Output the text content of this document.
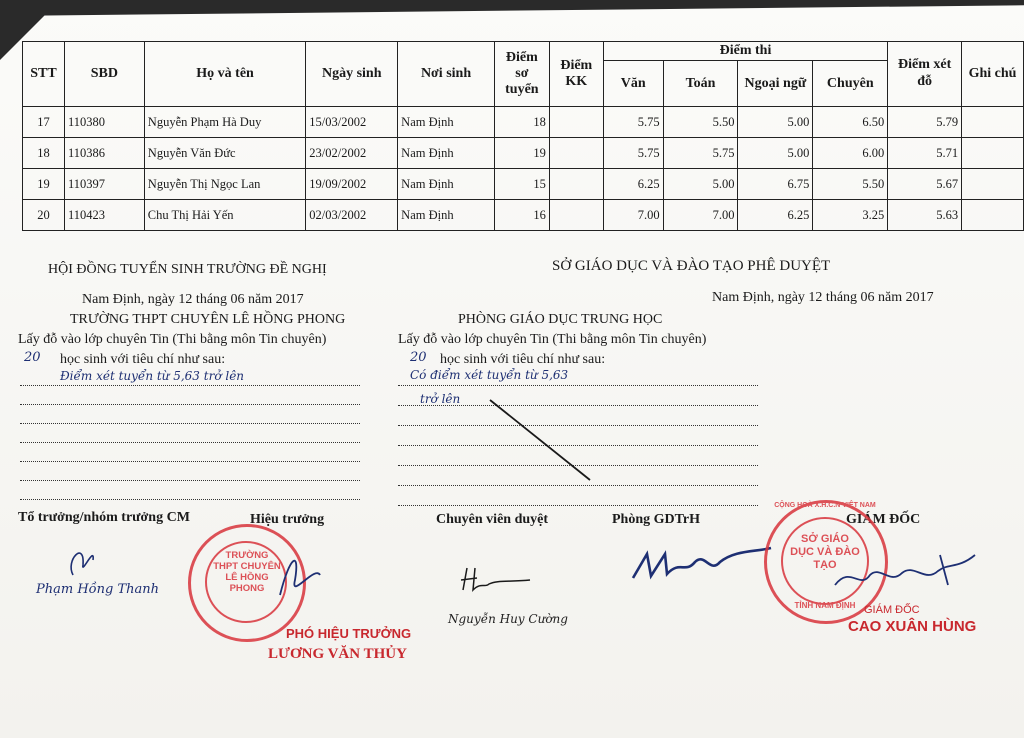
STT	SBD	Họ và tên	Ngày sinh	Nơi sinh	Điểm sơ tuyển	Điểm KK	Điểm thi				Điểm xét đỗ	Ghi chú
							Văn	Toán	Ngoại ngữ	Chuyên		
17	110380	Nguyễn Phạm Hà Duy	15/03/2002	Nam Định	18		5.75	5.50	5.00	6.50	5.79	
18	110386	Nguyễn Văn Đức	23/02/2002	Nam Định	19		5.75	5.75	5.00	6.00	5.71	
19	110397	Nguyễn Thị Ngọc Lan	19/09/2002	Nam Định	15		6.25	5.00	6.75	5.50	5.67	
20	110423	Chu Thị Hải Yến	02/03/2002	Nam Định	16		7.00	7.00	6.25	3.25	5.63	
HỘI ĐỒNG TUYỂN SINH TRƯỜNG ĐỀ NGHỊ
Nam Định, ngày 12 tháng 06 năm 2017
TRƯỜNG THPT CHUYÊN LÊ HỒNG PHONG
Lấy đỗ vào lớp chuyên Tin (Thi bằng môn Tin chuyên)
20 học sinh với tiêu chí như sau:
Điểm xét tuyển từ 5,63 trở lên
Tổ trưởng/nhóm trưởng CM	Hiệu trưởng
Phạm Hồng Thanh
TRƯỜNG THPT CHUYÊN LÊ HỒNG PHONG
PHÓ HIỆU TRƯỞNG
LƯƠNG VĂN THỦY
SỞ GIÁO DỤC VÀ ĐÀO TẠO PHÊ DUYỆT
Nam Định, ngày 12 tháng 06 năm 2017
PHÒNG GIÁO DỤC TRUNG HỌC
Lấy đỗ vào lớp chuyên Tin (Thi bằng môn Tin chuyên)
20 học sinh với tiêu chí như sau:
Có điểm xét tuyển từ 5,63
trở lên
Chuyên viên duyệt	Phòng GDTrH	GIÁM ĐỐC
Nguyễn Huy Cường
CỘNG HOÀ X.H.C.N VIỆT NAM
SỞ GIÁO DỤC VÀ ĐÀO TẠO
TỈNH NAM ĐỊNH GIÁM ĐỐC
CAO XUÂN HÙNG
